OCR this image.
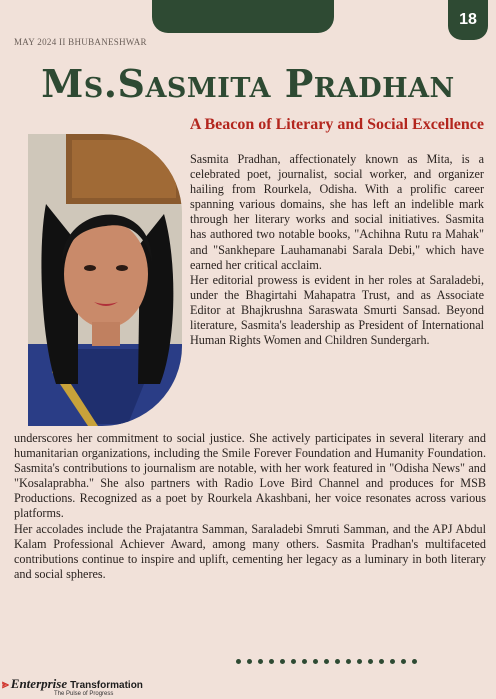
18
MAY 2024 II BHUBANESHWAR
Ms.Sasmita Pradhan
A Beacon of Literary and Social Excellence

Sasmita Pradhan, affectionately known as Mita, is a celebrated poet, journalist, social worker, and organizer hailing from Rourkela, Odisha. With a prolific career spanning various domains, she has left an indelible mark through her literary works and social initiatives. Sasmita has authored two notable books, "Achihna Rutu ra Mahak" and "Sankhepare Lauhamanabi Sarala Debi," which have earned her critical acclaim.

Her editorial prowess is evident in her roles at Saraladebi, under the Bhagirtahi Mahapatra Trust, and as Associate Editor at Bhajkrushna Saraswata Smurti Sansad. Beyond literature, Sasmita's leadership as President of International Human Rights Women and Children Sundergarh.

underscores her commitment to social justice. She actively participates in several literary and humanitarian organizations, including the Smile Forever Foundation and Humanity Foundation. Sasmita's contributions to journalism are notable, with her work featured in "Odisha News" and "Kosalaprabha." She also partners with Radio Love Bird Channel and produces for MSB Productions. Recognized as a poet by Rourkela Akashbani, her voice resonates across various platforms.

Her accolades include the Prajatantra Samman, Saraladebi Smruti Samman, and the APJ Abdul Kalam Professional Achiever Award, among many others. Sasmita Pradhan's multifaceted contributions continue to inspire and uplift, cementing her legacy as a luminary in both literary and social spheres.

⪢ Enterprise Transformation
The Pulse of Progress
